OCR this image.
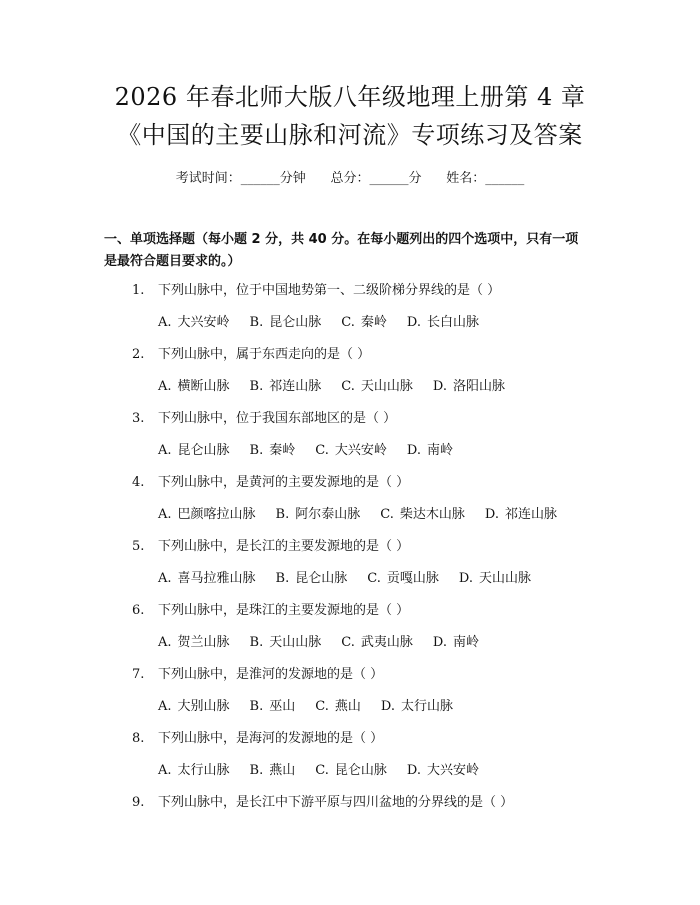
2026 年春北师大版八年级地理上册第 4 章
《中国的主要山脉和河流》专项练习及答案
考试时间：______分钟      总分：______分      姓名：______
一、单项选择题（每小题 2 分，共 40 分。在每小题列出的四个选项中，只有一项
是最符合题目要求的。）
1. 下列山脉中，位于中国地势第一、二级阶梯分界线的是（ ）
A. 大兴安岭 B. 昆仑山脉 C. 秦岭 D. 长白山脉
2. 下列山脉中，属于东西走向的是（ ）
A. 横断山脉 B. 祁连山脉 C. 天山山脉 D. 洛阳山脉
3. 下列山脉中，位于我国东部地区的是（ ）
A. 昆仑山脉 B. 秦岭 C. 大兴安岭 D. 南岭
4. 下列山脉中，是黄河的主要发源地的是（ ）
A. 巴颜喀拉山脉 B. 阿尔泰山脉 C. 柴达木山脉 D. 祁连山脉
5. 下列山脉中，是长江的主要发源地的是（ ）
A. 喜马拉雅山脉 B. 昆仑山脉 C. 贡嘎山脉 D. 天山山脉
6. 下列山脉中，是珠江的主要发源地的是（ ）
A. 贺兰山脉 B. 天山山脉 C. 武夷山脉 D. 南岭
7. 下列山脉中，是淮河的发源地的是（ ）
A. 大别山脉 B. 巫山 C. 燕山 D. 太行山脉
8. 下列山脉中，是海河的发源地的是（ ）
A. 太行山脉 B. 燕山 C. 昆仑山脉 D. 大兴安岭
9. 下列山脉中，是长江中下游平原与四川盆地的分界线的是（ ）
